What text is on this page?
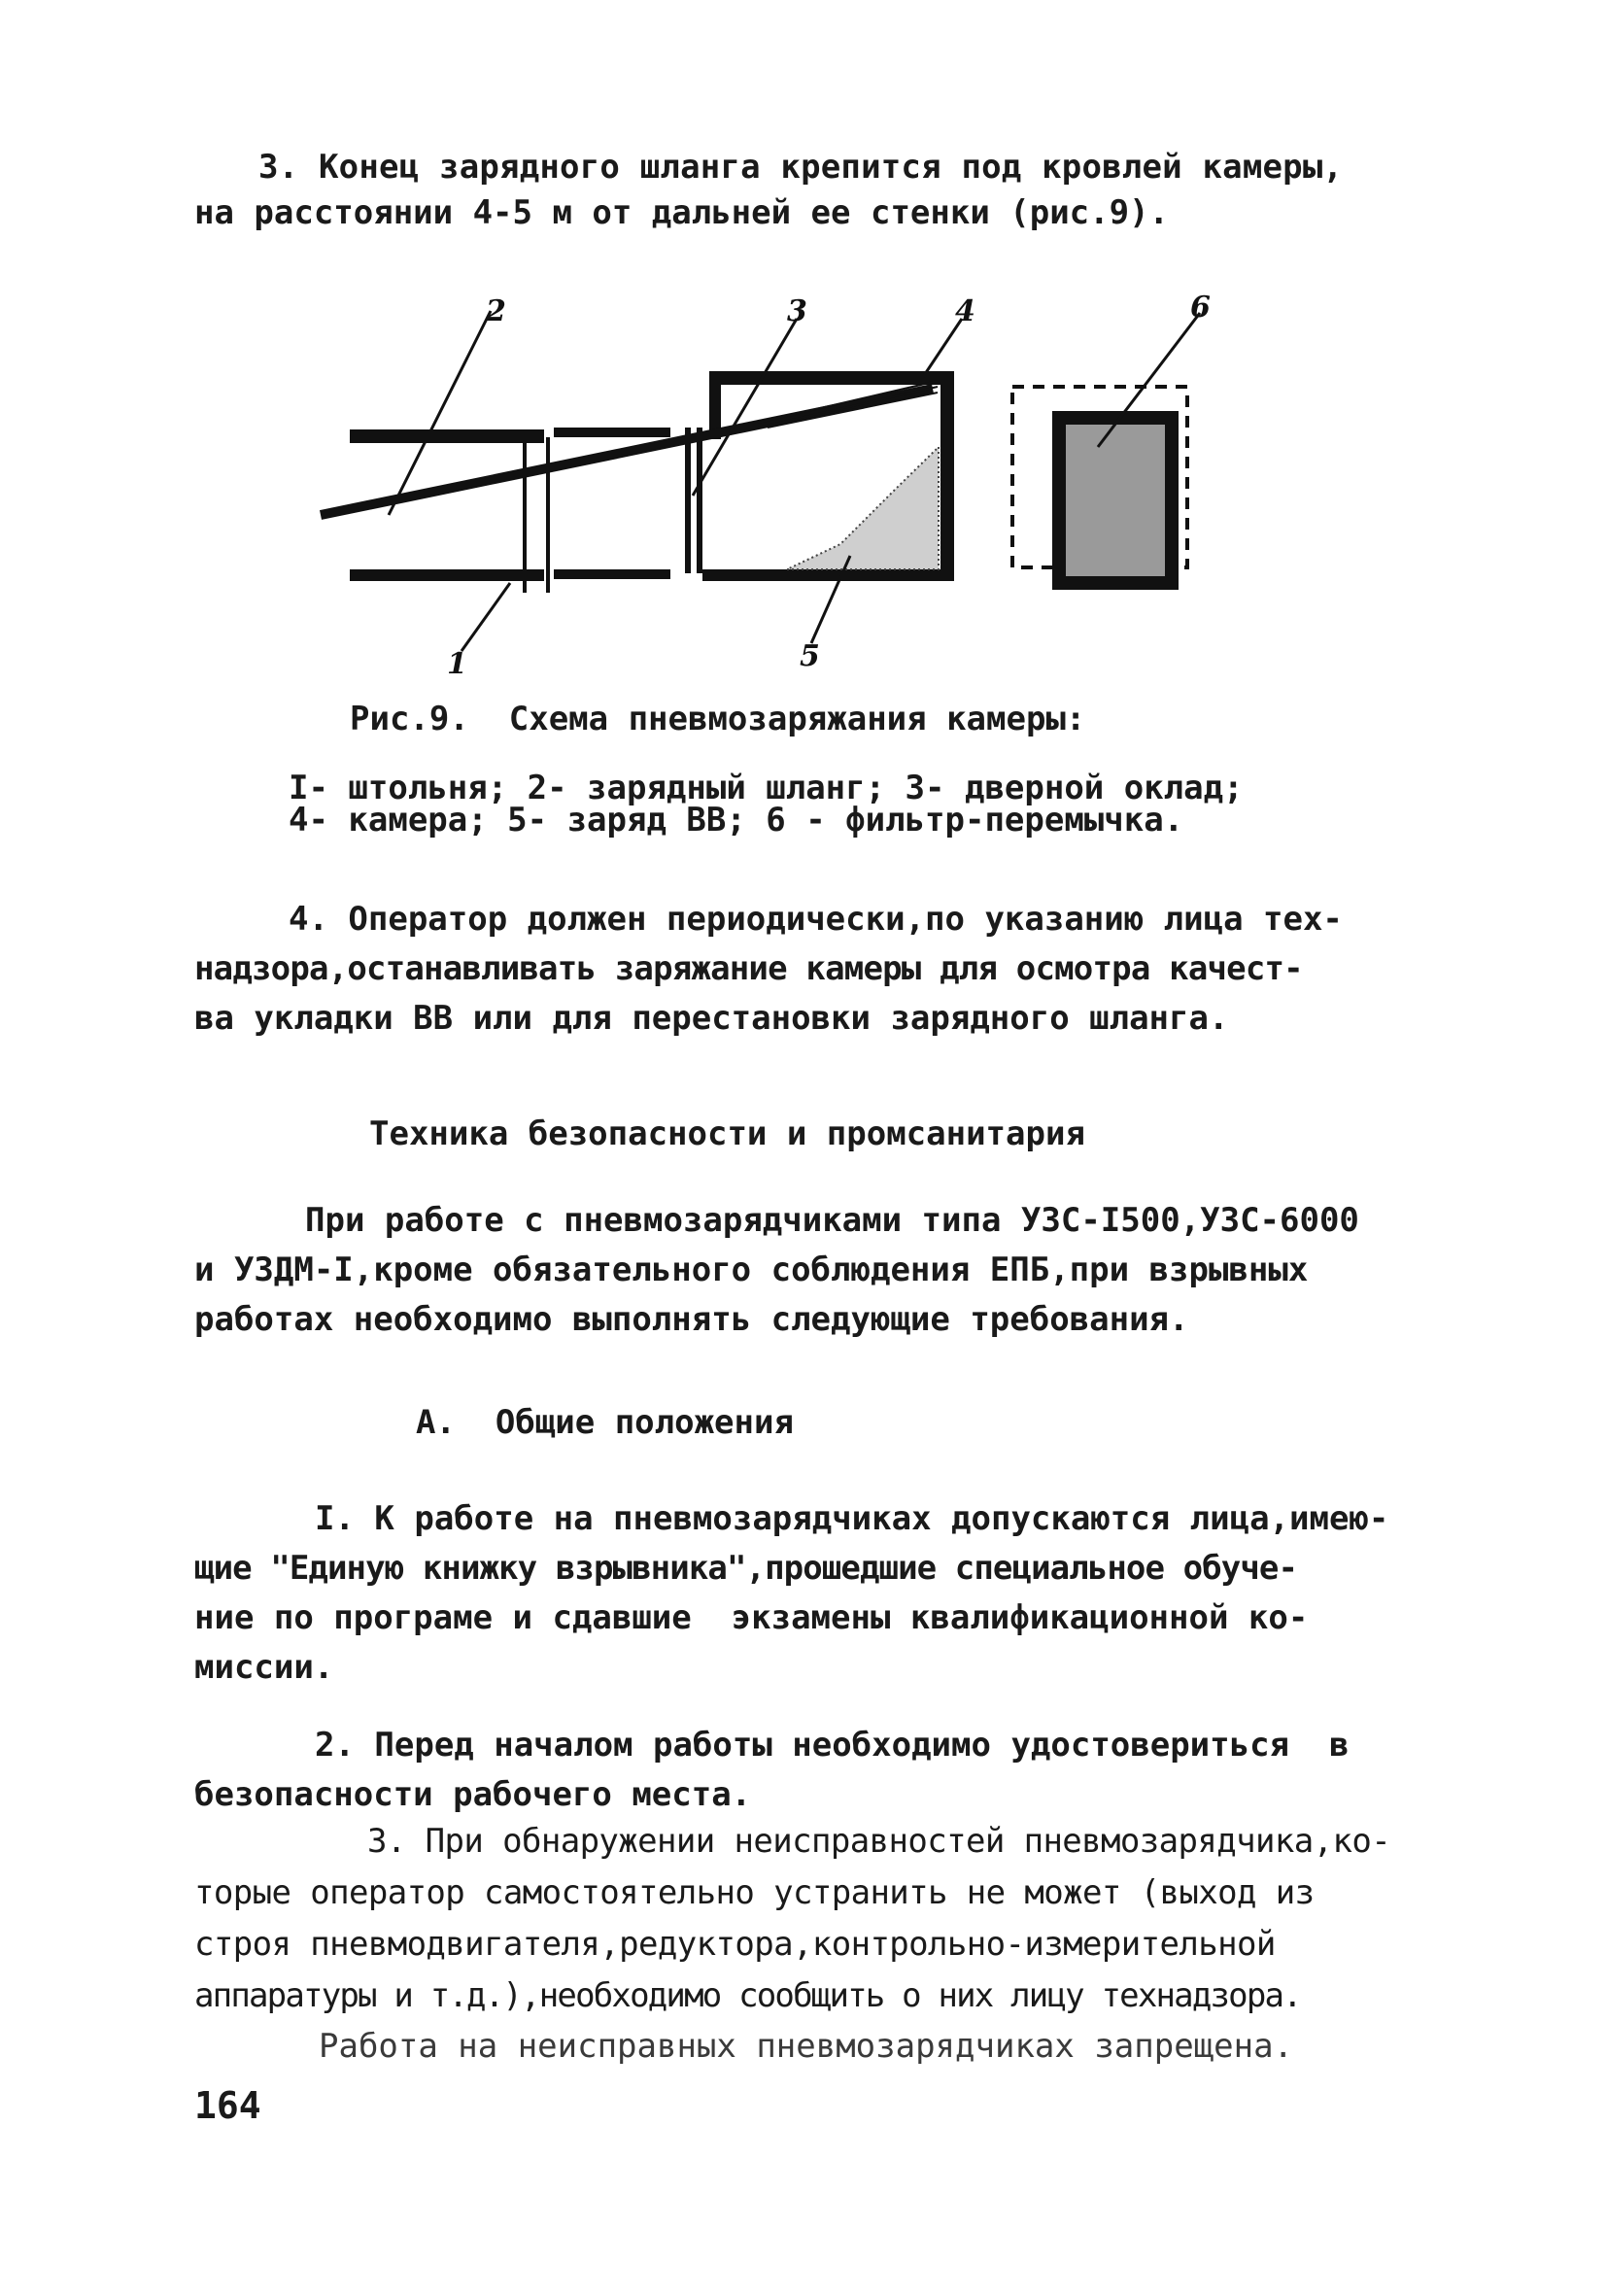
3. Конец зарядного шланга крепится под кровлей камеры,
на расстоянии 4-5 м от дальней ее стенки (рис.9).
2	3	4	6
1	5
Рис.9.  Схема пневмозаряжания камеры:
I- штольня; 2- зарядный шланг; 3- дверной оклад;
4- камера; 5- заряд ВВ; 6 - фильтр-перемычка.
4. Оператор должен периодически,по указанию лица тех-
надзора,останавливать заряжание камеры для осмотра качест-
ва укладки ВВ или для перестановки зарядного шланга.
Техника безопасности и промсанитария
При работе с пневмозарядчиками типа УЗС-I500,УЗС-6000
и УЗДМ-I,кроме обязательного соблюдения ЕПБ,при взрывных
работах необходимо выполнять следующие требования.
А.  Общие положения
I. К работе на пневмозарядчиках допускаются лица,имею-
щие "Единую книжку взрывника",прошедшие специальное обуче-
ние по програме и сдавшие  экзамены квалификационной ко-
миссии.
2. Перед началом работы необходимо удостовериться  в
безопасности рабочего места.
3. При обнаружении неисправностей пневмозарядчика,ко-
торые оператор самостоятельно устранить не может (выход из
строя пневмодвигателя,редуктора,контрольно-измерительной
аппаратуры и т.д.),необходимо сообщить о них лицу технадзора.
Работа на неисправных пневмозарядчиках запрещена.
164
